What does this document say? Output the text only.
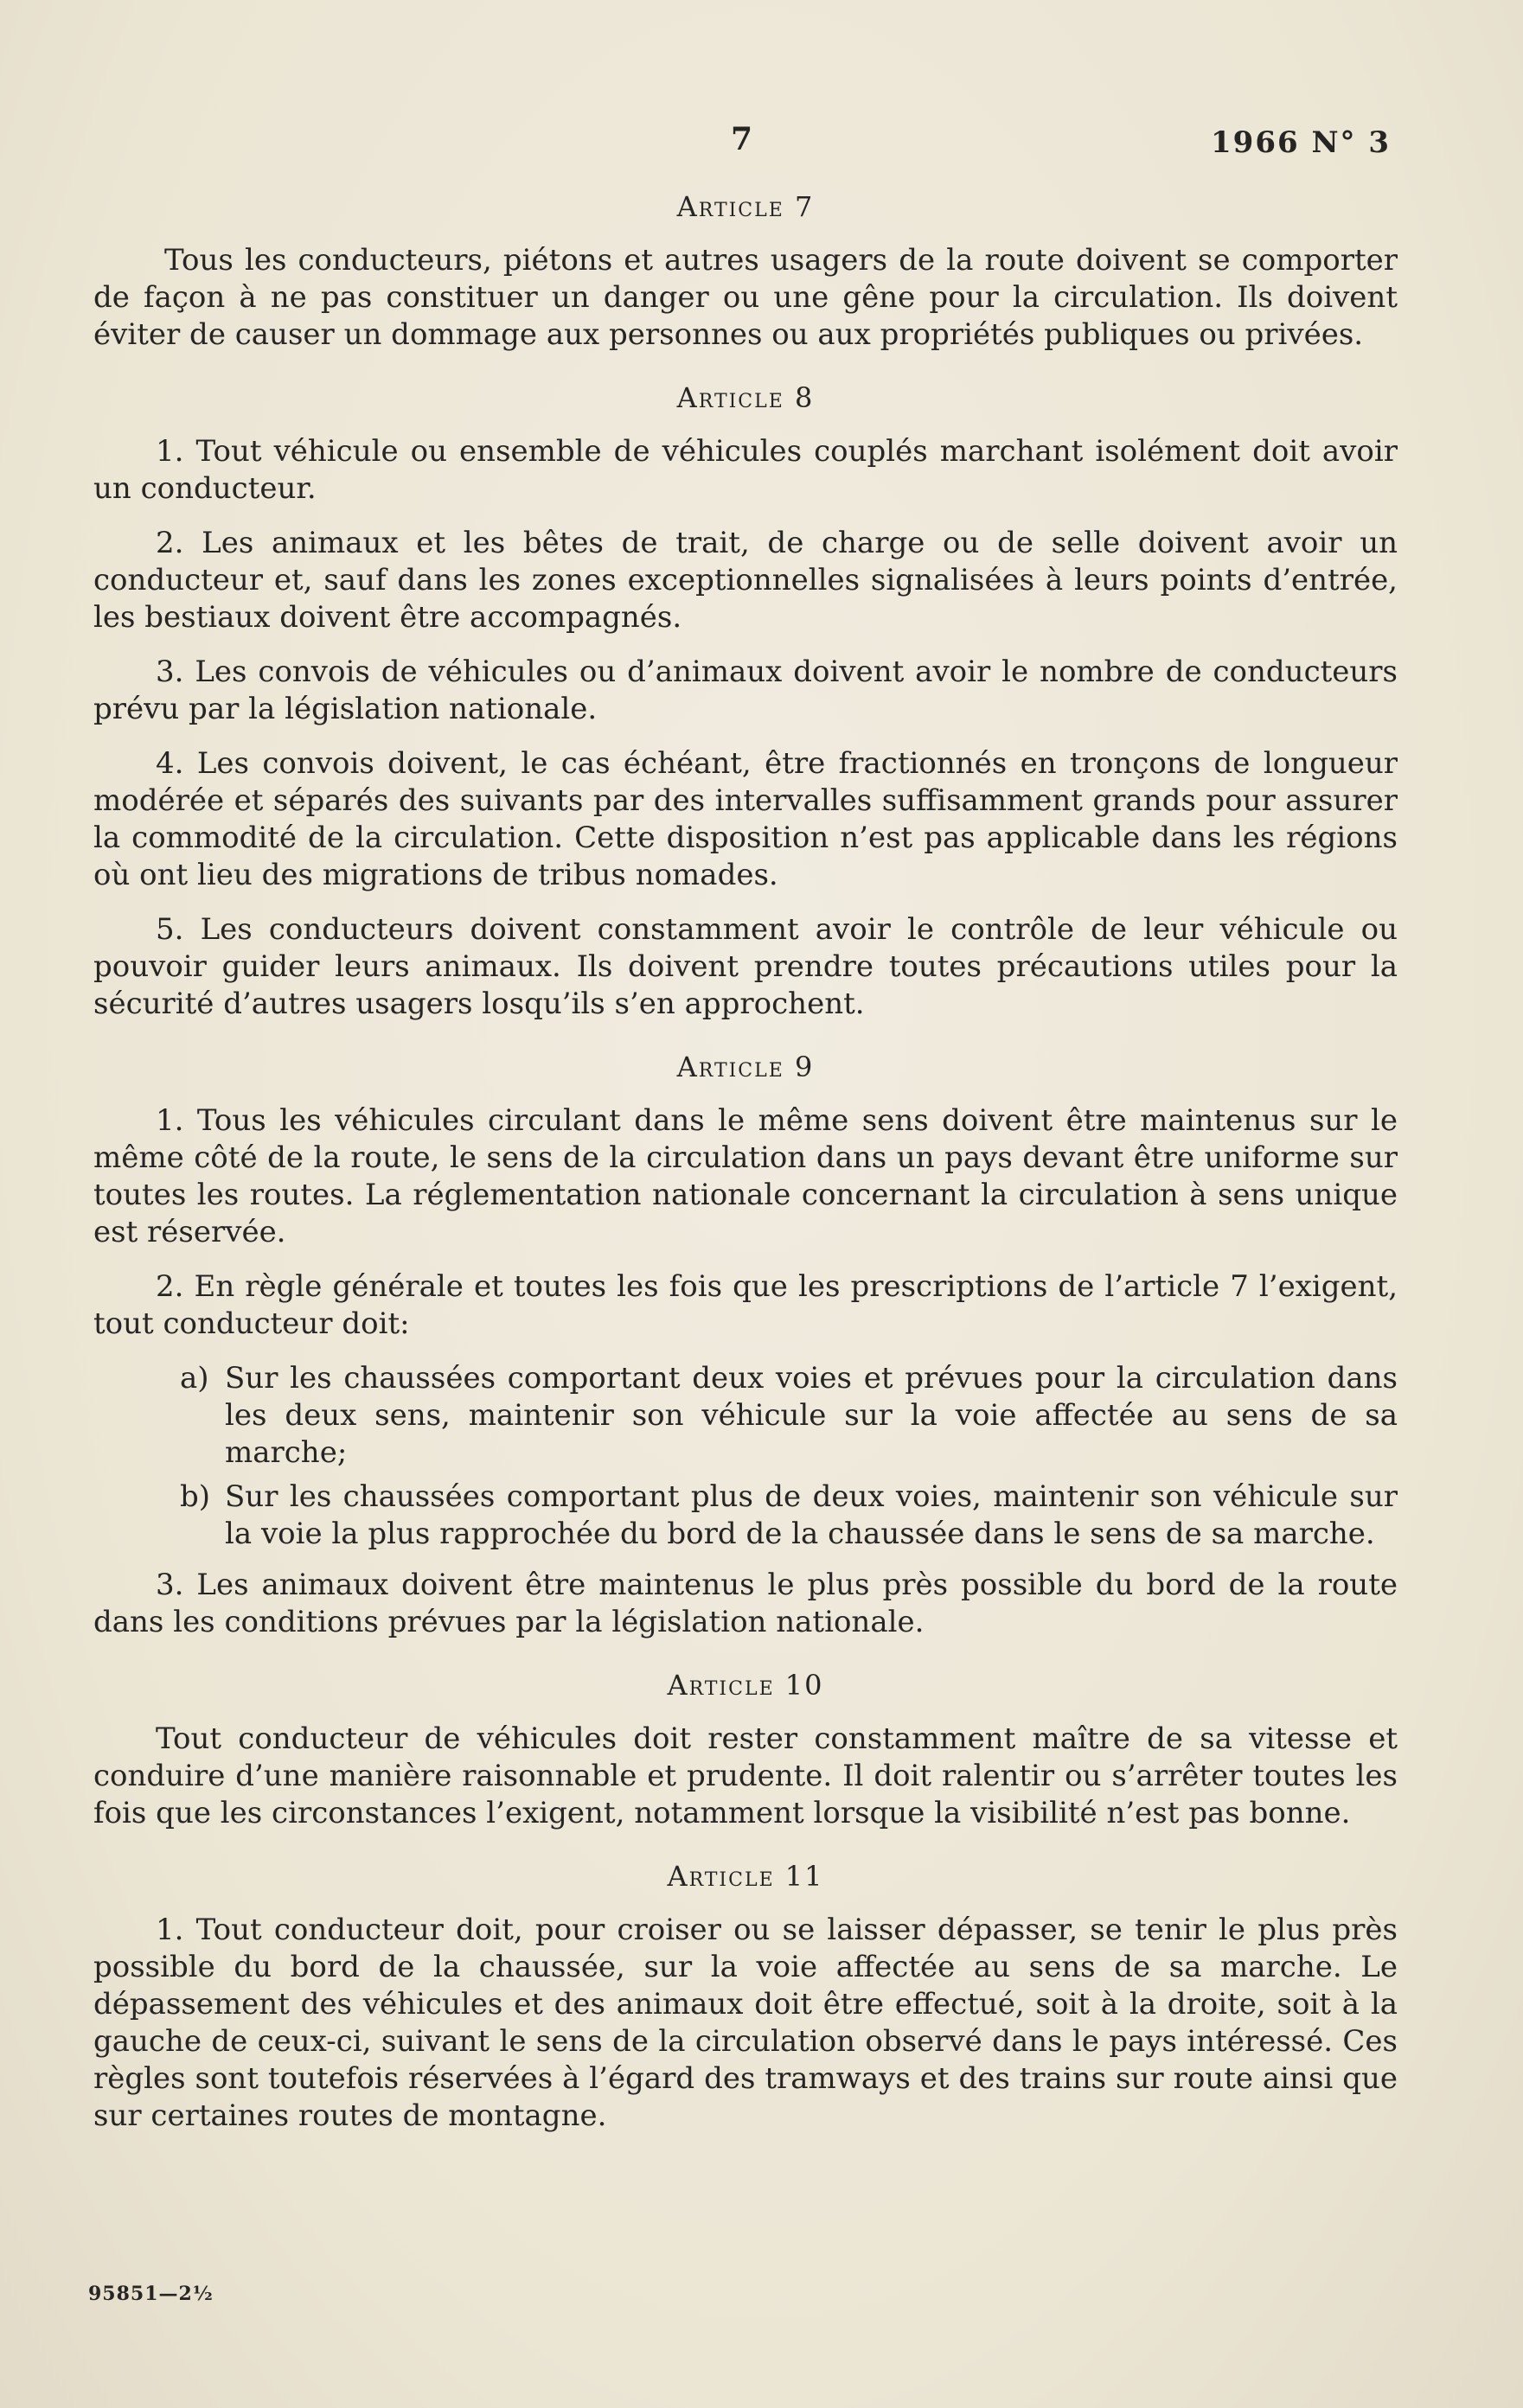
7	1966 N° 3
Article 7

Tous les conducteurs, piétons et autres usagers de la route doivent se comporter de façon à ne pas constituer un danger ou une gêne pour la circulation. Ils doivent éviter de causer un dommage aux personnes ou aux propriétés publiques ou privées.

Article 8

1. Tout véhicule ou ensemble de véhicules couplés marchant isolément doit avoir un conducteur.

2. Les animaux et les bêtes de trait, de charge ou de selle doivent avoir un conducteur et, sauf dans les zones exceptionnelles signalisées à leurs points d’entrée, les bestiaux doivent être accompagnés.

3. Les convois de véhicules ou d’animaux doivent avoir le nombre de conducteurs prévu par la législation nationale.

4. Les convois doivent, le cas échéant, être fractionnés en tronçons de longueur modérée et séparés des suivants par des intervalles suffisamment grands pour assurer la commodité de la circulation. Cette disposition n’est pas applicable dans les régions où ont lieu des migrations de tribus nomades.

5. Les conducteurs doivent constamment avoir le contrôle de leur véhicule ou pouvoir guider leurs animaux. Ils doivent prendre toutes précautions utiles pour la sécurité d’autres usagers losqu’ils s’en approchent.

Article 9

1. Tous les véhicules circulant dans le même sens doivent être maintenus sur le même côté de la route, le sens de la circulation dans un pays devant être uniforme sur toutes les routes. La réglementation nationale concernant la circulation à sens unique est réservée.

2. En règle générale et toutes les fois que les prescriptions de l’article 7 l’exigent, tout conducteur doit:

a) Sur les chaussées comportant deux voies et prévues pour la circulation dans les deux sens, maintenir son véhicule sur la voie affectée au sens de sa marche;

b) Sur les chaussées comportant plus de deux voies, maintenir son véhicule sur la voie la plus rapprochée du bord de la chaussée dans le sens de sa marche.

3. Les animaux doivent être maintenus le plus près possible du bord de la route dans les conditions prévues par la législation nationale.

Article 10

Tout conducteur de véhicules doit rester constamment maître de sa vitesse et conduire d’une manière raisonnable et prudente. Il doit ralentir ou s’arrêter toutes les fois que les circonstances l’exigent, notamment lorsque la visibilité n’est pas bonne.

Article 11

1. Tout conducteur doit, pour croiser ou se laisser dépasser, se tenir le plus près possible du bord de la chaussée, sur la voie affectée au sens de sa marche. Le dépassement des véhicules et des animaux doit être effectué, soit à la droite, soit à la gauche de ceux-ci, suivant le sens de la circulation observé dans le pays intéressé. Ces règles sont toutefois réservées à l’égard des tramways et des trains sur route ainsi que sur certaines routes de montagne.

95851—2½
